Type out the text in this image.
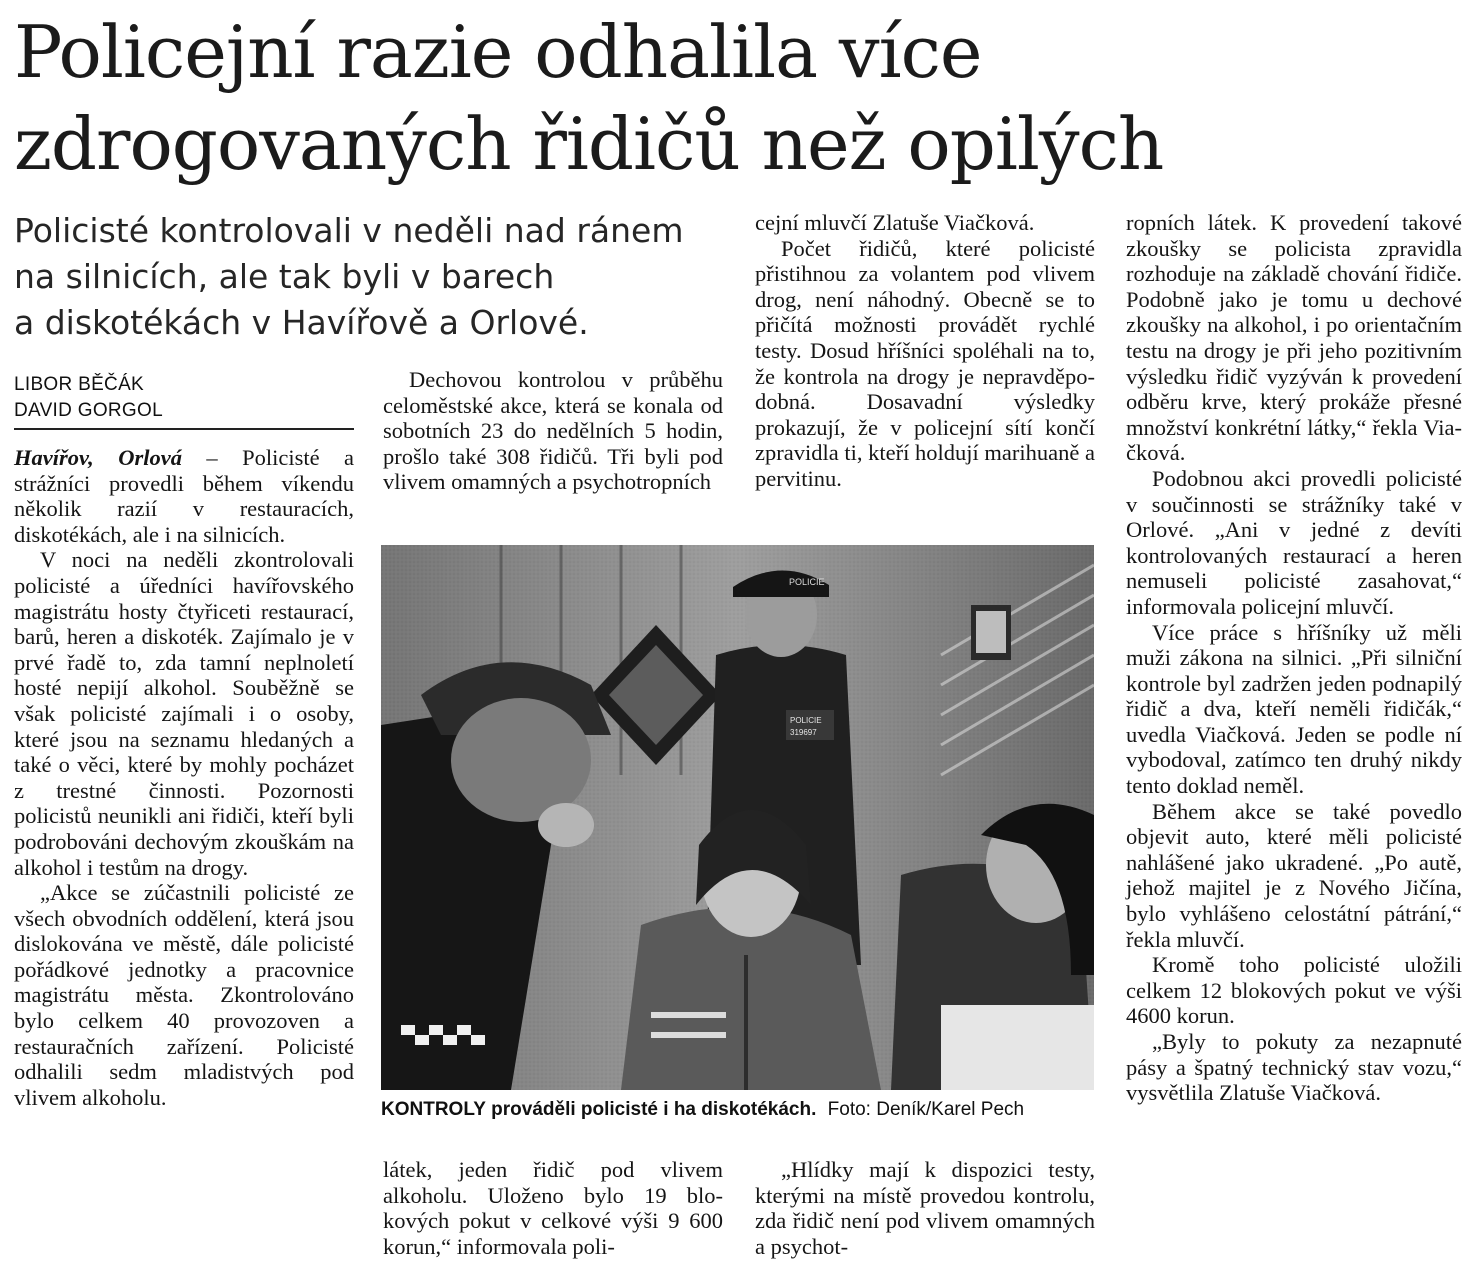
Policejní razie odhalila více
zdrogovaných řidičů než opilých
Policisté kontrolovali v neděli nad ránem
na silnicích, ale tak byli v barech
a diskotékách v Havířově a Orlové.
LIBOR BĚČÁK
DAVID GORGOL

Havířov, Orlová – Policisté a strážníci provedli během víkendu několik razií v restauracích, diskotékách, ale i na silnicích.

V noci na neděli zkontrolovali policisté a úředníci havířovského magistrátu hosty čtyřiceti restaurací, barů, heren a diskoték. Zajímalo je v prvé řadě to, zda tamní neplnoletí hosté nepijí alkohol. Souběžně se však policisté zajímali i o osoby, které jsou na seznamu hledaných a také o věci, které by mohly pocházet z trestné činnosti. Pozornosti policistů neunikli ani řidiči, kteří byli podrobováni dechovým zkouškám na alkohol i testům na drogy.

„Akce se zúčastnili policisté ze všech obvodních oddělení, která jsou dislokována ve městě, dále policisté pořádkové jednotky a pracovnice magistrátu města. Zkontrolováno bylo celkem 40 provozoven a restauračních zařízení. Policisté odhalili sedm mladistvých pod vlivem alkoholu.

Dechovou kontrolou v průběhu celoměstské akce, která se konala od sobotních 23 do nedělních 5 hodin, prošlo také 308 řidičů. Tři byli pod vlivem omamných a psychotropních

cejní mluvčí Zlatuše Viačková.

Počet řidičů, které policisté přistihnou za volantem pod vlivem drog, není náhodný. Obecně se to přičítá možnosti provádět rychlé testy. Dosud hříšníci spoléhali na to, že kontrola na drogy je nepravděpodobná. Dosavadní výsledky prokazují, že v policejní sítí končí zpravidla ti, kteří holdují marihuaně a pervitinu.

ropních látek. K provedení takové zkoušky se policista zpravidla rozhoduje na základě chování řidiče. Podobně jako je tomu u dechové zkoušky na alkohol, i po orientačním testu na drogy je při jeho pozitivním výsledku řidič vyzýván k provedení odběru krve, který prokáže přesné množství konkrétní látky,“ řekla Viačková.

Podobnou akci provedli policisté v součinnosti se strážníky také v Orlové. „Ani v jedné z devíti kontrolovaných restaurací a heren nemuseli policisté zasahovat,“ informovala policejní mluvčí.

Více práce s hříšníky už měli muži zákona na silnici. „Při silniční kontrole byl zadržen jeden podnapilý řidič a dva, kteří neměli řidičák,“ uvedla Viačková. Jeden se podle ní vybodoval, zatímco ten druhý nikdy tento doklad neměl.

Během akce se také povedlo objevit auto, které měli policisté nahlášené jako ukradené. „Po autě, jehož majitel je z Nového Jičína, bylo vyhlášeno celostátní pátrání,“ řekla mluvčí.

Kromě toho policisté uložili celkem 12 blokových pokut ve výši 4600 korun.

„Byly to pokuty za nezapnuté pásy a špatný technický stav vozu,“ vysvětlila Zlatuše Viačková.

POLICIE
POLICIE
319697
KONTROLY prováděli policisté i ha diskotékách. Foto: Deník/Karel Pech

látek, jeden řidič pod vlivem alkoholu. Uloženo bylo 19 blokových pokut v celkové výši 9 600 korun,“ informovala poli-

„Hlídky mají k dispozici testy, kterými na místě provedou kontrolu, zda řidič není pod vlivem omamných a psychot-
